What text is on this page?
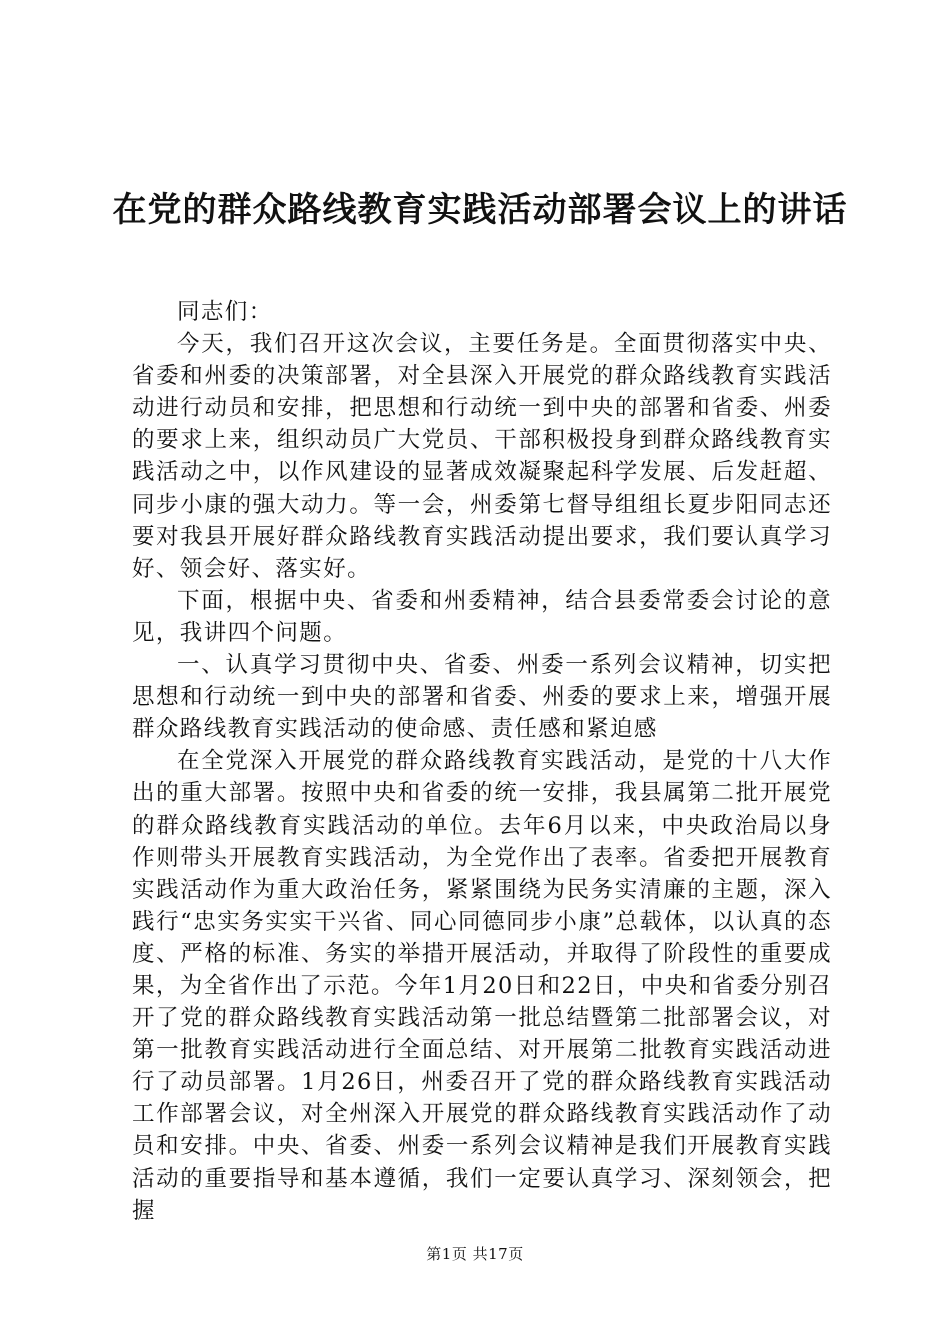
在党的群众路线教育实践活动部署会议上的讲话

同志们：

今天，我们召开这次会议，主要任务是。全面贯彻落实中央、省委和州委的决策部署，对全县深入开展党的群众路线教育实践活动进行动员和安排，把思想和行动统一到中央的部署和省委、州委的要求上来，组织动员广大党员、干部积极投身到群众路线教育实践活动之中，以作风建设的显著成效凝聚起科学发展、后发赶超、同步小康的强大动力。等一会，州委第七督导组组长夏步阳同志还要对我县开展好群众路线教育实践活动提出要求，我们要认真学习好、领会好、落实好。

下面，根据中央、省委和州委精神，结合县委常委会讨论的意见，我讲四个问题。

一、认真学习贯彻中央、省委、州委一系列会议精神，切实把思想和行动统一到中央的部署和省委、州委的要求上来，增强开展群众路线教育实践活动的使命感、责任感和紧迫感

在全党深入开展党的群众路线教育实践活动，是党的十八大作出的重大部署。按照中央和省委的统一安排，我县属第二批开展党的群众路线教育实践活动的单位。去年6月以来，中央政治局以身作则带头开展教育实践活动，为全党作出了表率。省委把开展教育实践活动作为重大政治任务，紧紧围绕为民务实清廉的主题，深入践行“忠实务实实干兴省、同心同德同步小康”总载体，以认真的态度、严格的标准、务实的举措开展活动，并取得了阶段性的重要成果，为全省作出了示范。今年1月20日和22日，中央和省委分别召开了党的群众路线教育实践活动第一批总结暨第二批部署会议，对第一批教育实践活动进行全面总结、对开展第二批教育实践活动进行了动员部署。1月26日，州委召开了党的群众路线教育实践活动工作部署会议，对全州深入开展党的群众路线教育实践活动作了动员和安排。中央、省委、州委一系列会议精神是我们开展教育实践活动的重要指导和基本遵循，我们一定要认真学习、深刻领会，把握

第1页 共17页
